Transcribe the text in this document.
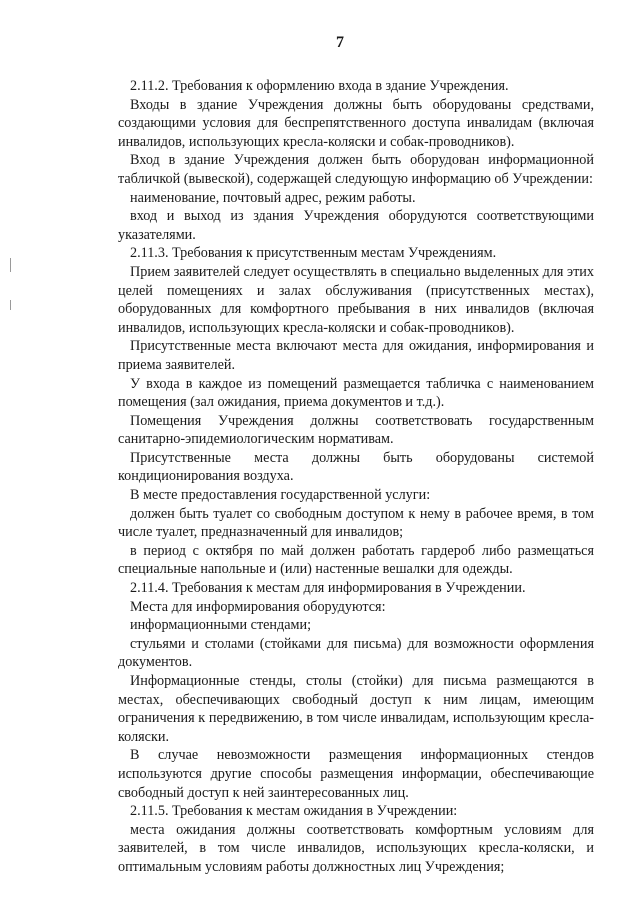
7

2.11.2. Требования к оформлению входа в здание Учреждения.

Входы в здание Учреждения должны быть оборудованы средствами, создающими условия для беспрепятственного доступа инвалидам (включая инвалидов, использующих кресла-коляски и собак-проводников).

Вход в здание Учреждения должен быть оборудован информационной табличкой (вывеской), содержащей следующую информацию об Учреждении:

наименование, почтовый адрес, режим работы.

вход и выход из здания Учреждения оборудуются соответствующими указателями.

2.11.3. Требования к присутственным местам Учреждениям.

Прием заявителей следует осуществлять в специально выделенных для этих целей помещениях и залах обслуживания (присутственных местах), оборудованных для комфортного пребывания в них инвалидов (включая инвалидов, использующих кресла-коляски и собак-проводников).

Присутственные места включают места для ожидания, информирования и приема заявителей.

У входа в каждое из помещений размещается табличка с наименованием помещения (зал ожидания, приема документов и т.д.).

Помещения Учреждения должны соответствовать государственным санитарно-эпидемиологическим нормативам.

Присутственные места должны быть оборудованы системой кондиционирования воздуха.

В месте предоставления государственной услуги:

должен быть туалет со свободным доступом к нему в рабочее время, в том числе туалет, предназначенный для инвалидов;

в период с октября по май должен работать гардероб либо размещаться специальные напольные и (или) настенные вешалки для одежды.

2.11.4. Требования к местам для информирования в Учреждении.

Места для информирования оборудуются:

информационными стендами;

стульями и столами (стойками для письма) для возможности оформления документов.

Информационные стенды, столы (стойки) для письма размещаются в местах, обеспечивающих свободный доступ к ним лицам, имеющим ограничения к передвижению, в том числе инвалидам, использующим кресла-коляски.

В случае невозможности размещения информационных стендов используются другие способы размещения информации, обеспечивающие свободный доступ к ней заинтересованных лиц.

2.11.5. Требования к местам ожидания в Учреждении:

места ожидания должны соответствовать комфортным условиям для заявителей, в том числе инвалидов, использующих кресла-коляски, и оптимальным условиям работы должностных лиц Учреждения;
